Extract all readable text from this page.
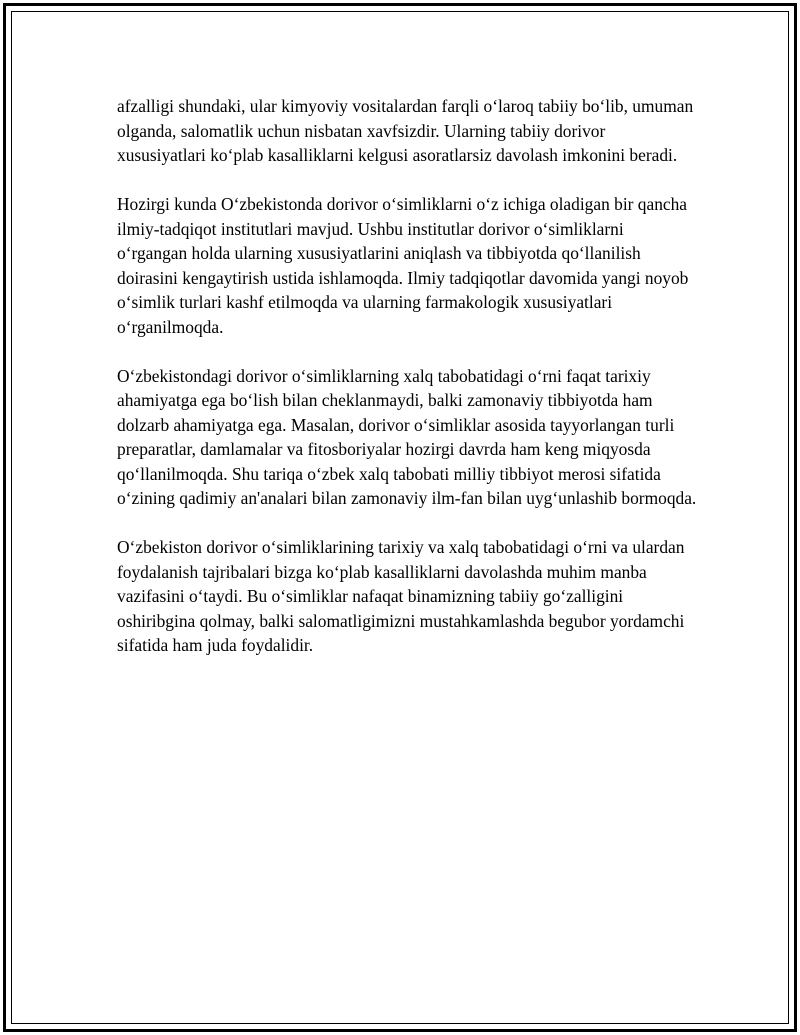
afzalligi shundaki, ular kimyoviy vositalardan farqli o‘laroq tabiiy bo‘lib, umuman olganda, salomatlik uchun nisbatan xavfsizdir. Ularning tabiiy dorivor xususiyatlari ko‘plab kasalliklarni kelgusi asoratlarsiz davolash imkonini beradi.

Hozirgi kunda O‘zbekistonda dorivor o‘simliklarni o‘z ichiga oladigan bir qancha ilmiy-tadqiqot institutlari mavjud. Ushbu institutlar dorivor o‘simliklarni o‘rgangan holda ularning xususiyatlarini aniqlash va tibbiyotda qo‘llanilish doirasini kengaytirish ustida ishlamoqda. Ilmiy tadqiqotlar davomida yangi noyob o‘simlik turlari kashf etilmoqda va ularning farmakologik xususiyatlari o‘rganilmoqda.

O‘zbekistondagi dorivor o‘simliklarning xalq tabobatidagi o‘rni faqat tarixiy ahamiyatga ega bo‘lish bilan cheklanmaydi, balki zamonaviy tibbiyotda ham dolzarb ahamiyatga ega. Masalan, dorivor o‘simliklar asosida tayyorlangan turli preparatlar, damlamalar va fitosboriyalar hozirgi davrda ham keng miqyosda qo‘llanilmoqda. Shu tariqa o‘zbek xalq tabobati milliy tibbiyot merosi sifatida o‘zining qadimiy an'analari bilan zamonaviy ilm-fan bilan uyg‘unlashib bormoqda.

O‘zbekiston dorivor o‘simliklarining tarixiy va xalq tabobatidagi o‘rni va ulardan foydalanish tajribalari bizga ko‘plab kasalliklarni davolashda muhim manba vazifasini o‘taydi. Bu o‘simliklar nafaqat binamizning tabiiy go‘zalligini oshiribgina qolmay, balki salomatligimizni mustahkamlashda begubor yordamchi sifatida ham juda foydalidir.
